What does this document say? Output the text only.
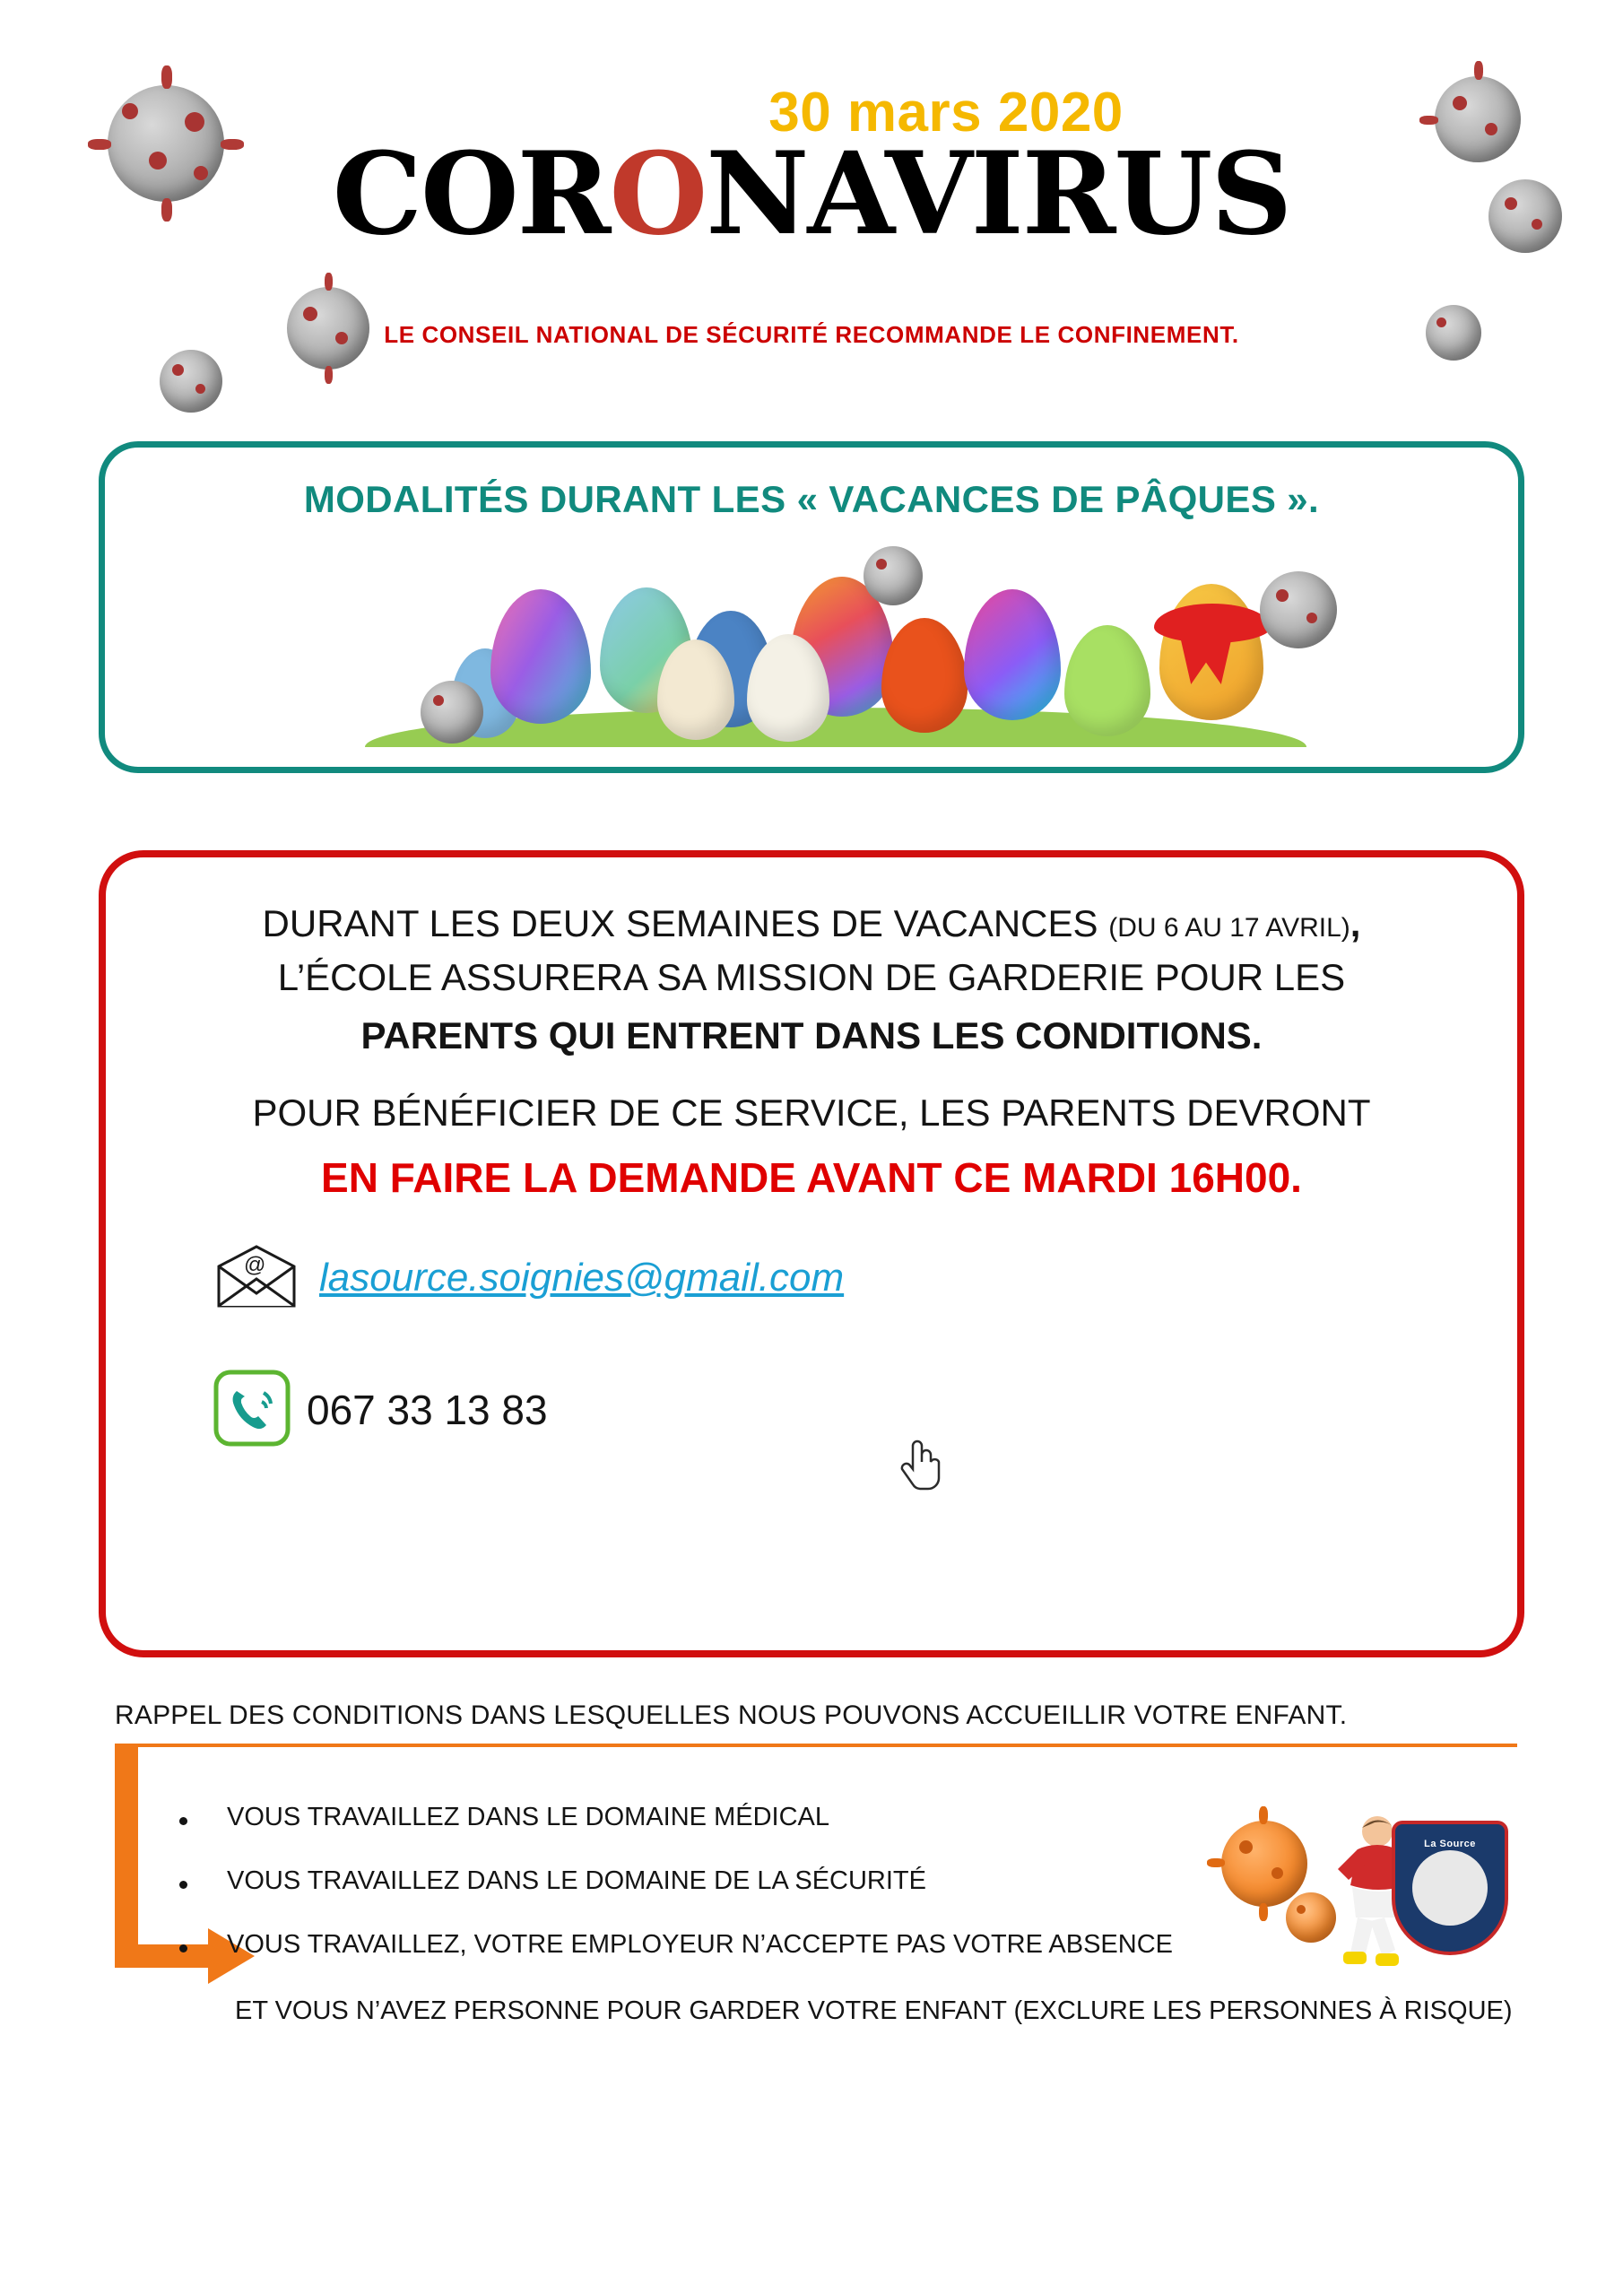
30 mars 2020
CORONAVIRUS
LE CONSEIL NATIONAL DE SÉCURITÉ RECOMMANDE LE CONFINEMENT.
MODALITÉS DURANT LES « VACANCES DE PÂQUES ».
DURANT LES DEUX SEMAINES DE VACANCES (DU 6 AU 17 AVRIL),
L’ÉCOLE ASSURERA SA MISSION DE GARDERIE POUR LES
PARENTS QUI ENTRENT DANS LES CONDITIONS.
POUR BÉNÉFICIER DE CE SERVICE, LES PARENTS DEVRONT
EN FAIRE LA DEMANDE AVANT CE MARDI 16H00.
@ lasource.soignies@gmail.com
067 33 13 83
RAPPEL DES CONDITIONS DANS LESQUELLES NOUS POUVONS ACCUEILLIR VOTRE ENFANT.
VOUS TRAVAILLEZ DANS LE DOMAINE MÉDICAL
VOUS TRAVAILLEZ DANS LE DOMAINE DE LA SÉCURITÉ
VOUS TRAVAILLEZ, VOTRE EMPLOYEUR N’ACCEPTE PAS VOTRE ABSENCE
ET VOUS N’AVEZ PERSONNE POUR GARDER VOTRE ENFANT (EXCLURE LES PERSONNES À RISQUE)
La Source
